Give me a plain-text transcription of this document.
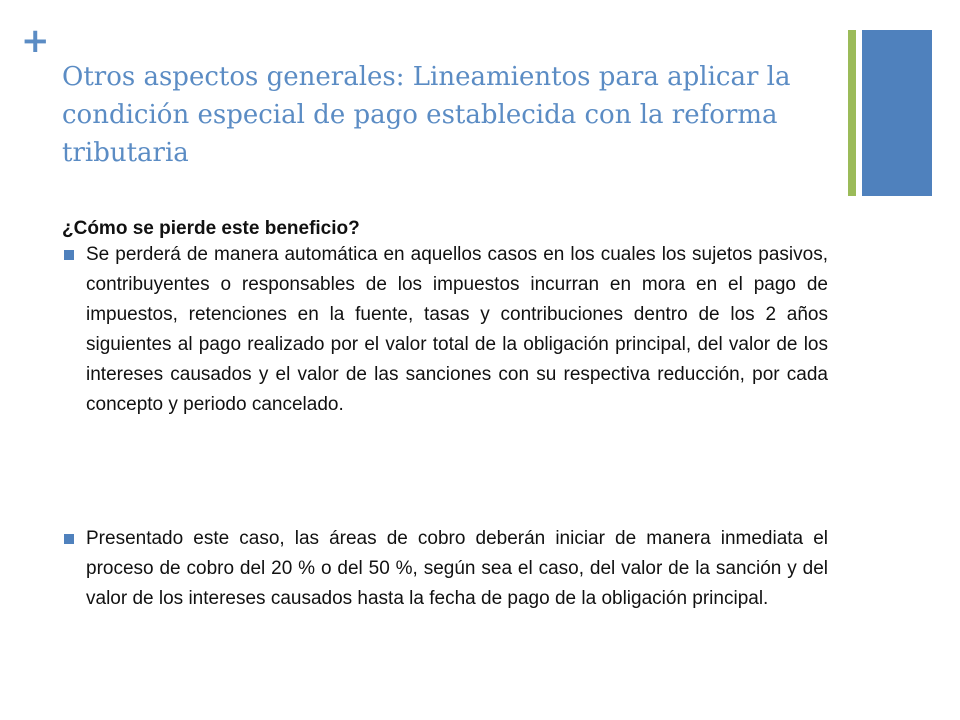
+
Otros aspectos generales: Lineamientos para aplicar la condición especial de pago establecida con la reforma tributaria
¿Cómo se pierde este beneficio?
Se perderá de manera automática en aquellos casos en los cuales los sujetos pasivos, contribuyentes o responsables de los impuestos incurran en mora en el pago de impuestos, retenciones en la fuente, tasas y contribuciones dentro de los 2 años siguientes al pago realizado por el valor total de la obligación principal, del valor de los intereses causados y el valor de las sanciones con su respectiva reducción, por cada concepto y periodo cancelado.
Presentado este caso, las áreas de cobro deberán iniciar de manera inmediata el proceso de cobro del 20 % o del 50 %, según sea el caso, del valor de la sanción y del valor de los intereses causados hasta la fecha de pago de la obligación principal.
